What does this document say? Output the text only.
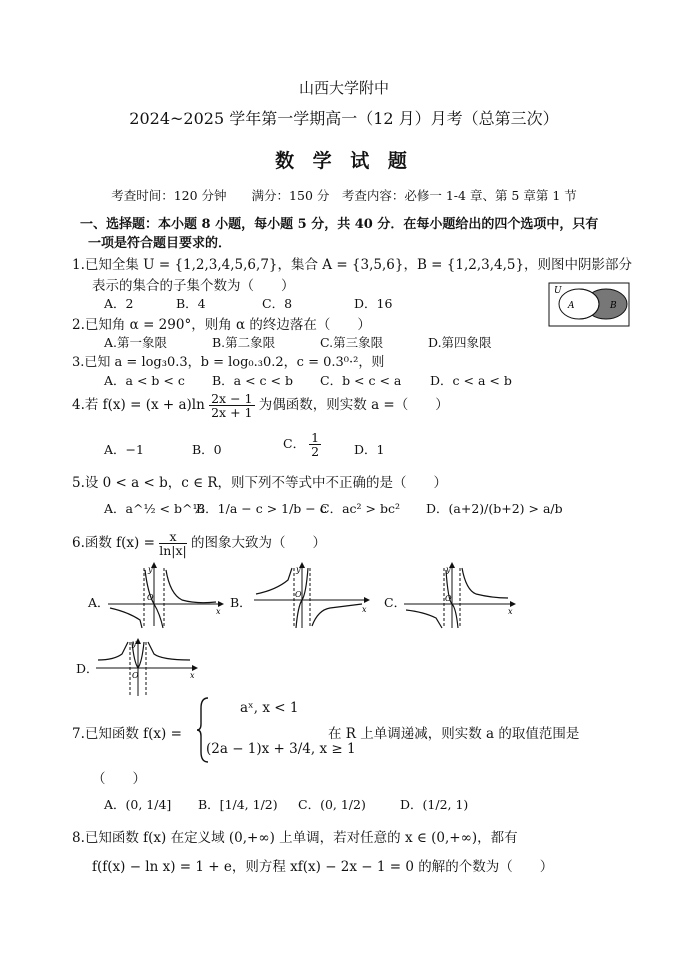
山西大学附中
2024~2025 学年第一学期高一（12 月）月考（总第三次）
数 学 试 题
考查时间：120 分钟　　满分：150 分　考查内容：必修一 1-4 章、第 5 章第 1 节
一、选择题：本小题 8 小题，每小题 5 分，共 40 分．在每小题给出的四个选项中，只有
一项是符合题目要求的．
1.已知全集 U = {1,2,3,4,5,6,7}，集合 A = {3,5,6}，B = {1,2,3,4,5}，则图中阴影部分
表示的集合的子集个数为（　　）
A．2	B．4	C．8	D．16
U
A	B
2.已知角 α = 290°，则角 α 的终边落在（　　）
A.第一象限	B.第二象限	C.第三象限	D.第四象限
3.已知 a = log₃0.3，b = log₀.₃0.2，c = 0.3⁰·²，则
A．a < b < c B．a < c < b C．b < c < a D．c < a < b
4.若 $f(x) = (x + a)\ln \frac{2x - 1}{2x + 1}$ 为偶函数，则实数 a =（　　）
A．−1	B．0	C． $\frac{1}{2}$	D．1
5.设 0 < a < b，c ∈ R，则下列不等式中不正确的是（　　）
A．a^½ < b^½
B．1/a − c > 1/b − c
C．ac² > bc² D．(a+2)/(b+2) > a/b
6.函数 $f(x) = \frac{x}{\ln|x|}$ 的图象大致为（　　）
A．
y
x
O	B．
y
x
O
C．
y
x
O
D．
y
x
O
7.已知函数 f(x) =
aˣ, x < 1
(2a − 1)x + 3/4, x ≥ 1
在 R 上单调递减，则实数 a 的取值范围是
（　　）
A．(0, 1/4] B．[1/4, 1/2) C．(0, 1/2)	D．(1/2, 1)
8.已知函数 f(x) 在定义域 (0,+∞) 上单调，若对任意的 x ∈ (0,+∞)，都有
f(f(x) − ln x) = 1 + e，则方程 xf(x) − 2x − 1 = 0 的解的个数为（　　）
